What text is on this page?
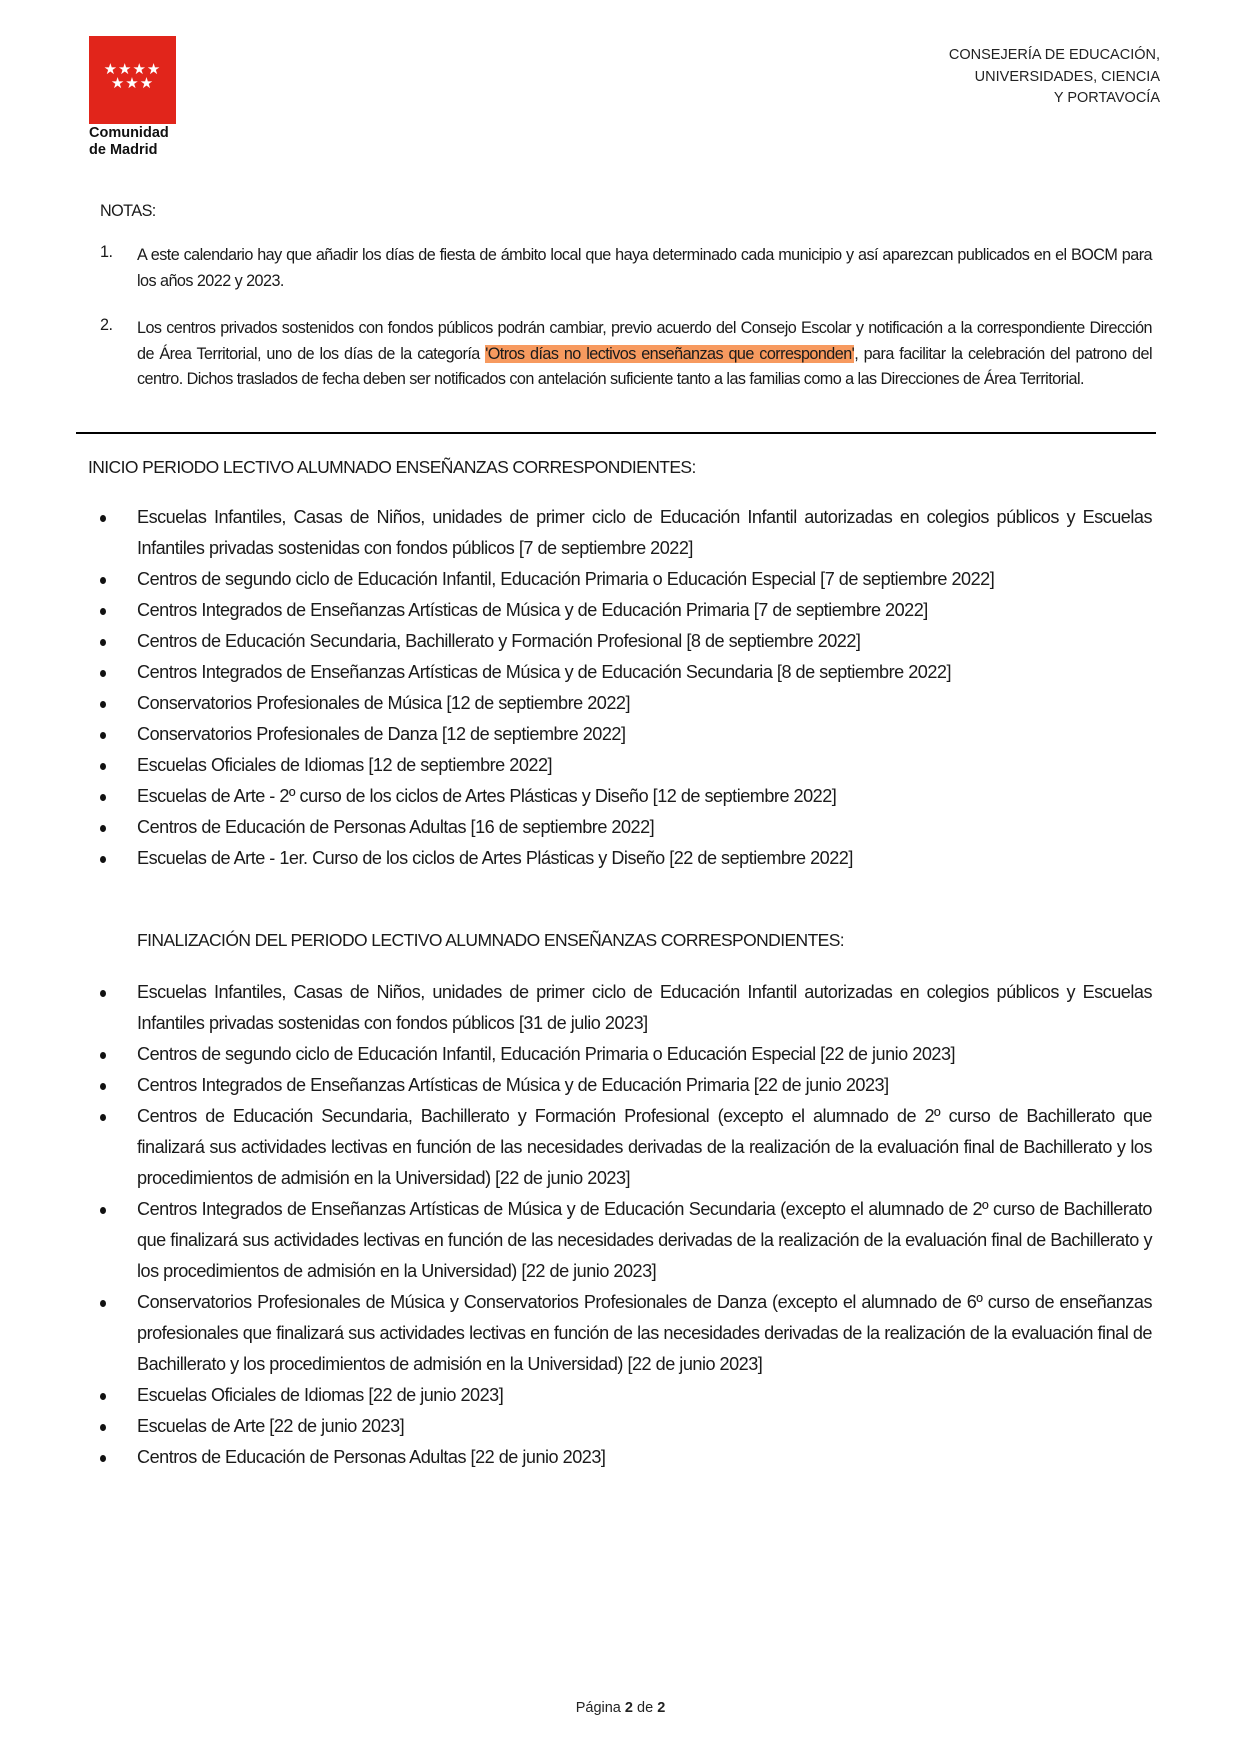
★★★★
★★★
Comunidad
de Madrid
CONSEJERÍA DE EDUCACIÓN,
UNIVERSIDADES, CIENCIA
Y PORTAVOCÍA
NOTAS:
1. A este calendario hay que añadir los días de fiesta de ámbito local que haya determinado cada municipio y así aparezcan publicados en el BOCM para los años 2022 y 2023.
2. Los centros privados sostenidos con fondos públicos podrán cambiar, previo acuerdo del Consejo Escolar y notificación a la correspondiente Dirección de Área Territorial, uno de los días de la categoría 'Otros días no lectivos enseñanzas que corresponden', para facilitar la celebración del patrono del centro. Dichos traslados de fecha deben ser notificados con antelación suficiente tanto a las familias como a las Direcciones de Área Territorial.
INICIO PERIODO LECTIVO ALUMNADO ENSEÑANZAS CORRESPONDIENTES:
Escuelas Infantiles, Casas de Niños, unidades de primer ciclo de Educación Infantil autorizadas en colegios públicos y Escuelas Infantiles privadas sostenidas con fondos públicos [7 de septiembre 2022]
Centros de segundo ciclo de Educación Infantil, Educación Primaria o Educación Especial [7 de septiembre 2022]
Centros Integrados de Enseñanzas Artísticas de Música y de Educación Primaria [7 de septiembre 2022]
Centros de Educación Secundaria, Bachillerato y Formación Profesional [8 de septiembre 2022]
Centros Integrados de Enseñanzas Artísticas de Música y de Educación Secundaria [8 de septiembre 2022]
Conservatorios Profesionales de Música [12 de septiembre 2022]
Conservatorios Profesionales de Danza [12 de septiembre 2022]
Escuelas Oficiales de Idiomas [12 de septiembre 2022]
Escuelas de Arte - 2º curso de los ciclos de Artes Plásticas y Diseño [12 de septiembre 2022]
Centros de Educación de Personas Adultas [16 de septiembre 2022]
Escuelas de Arte - 1er. Curso de los ciclos de Artes Plásticas y Diseño [22 de septiembre 2022]
FINALIZACIÓN DEL PERIODO LECTIVO ALUMNADO ENSEÑANZAS CORRESPONDIENTES:
Escuelas Infantiles, Casas de Niños, unidades de primer ciclo de Educación Infantil autorizadas en colegios públicos y Escuelas Infantiles privadas sostenidas con fondos públicos [31 de julio 2023]
Centros de segundo ciclo de Educación Infantil, Educación Primaria o Educación Especial [22 de junio 2023]
Centros Integrados de Enseñanzas Artísticas de Música y de Educación Primaria [22 de junio 2023]
Centros de Educación Secundaria, Bachillerato y Formación Profesional (excepto el alumnado de 2º curso de Bachillerato que finalizará sus actividades lectivas en función de las necesidades derivadas de la realización de la evaluación final de Bachillerato y los procedimientos de admisión en la Universidad) [22 de junio 2023]
Centros Integrados de Enseñanzas Artísticas de Música y de Educación Secundaria (excepto el alumnado de 2º curso de Bachillerato que finalizará sus actividades lectivas en función de las necesidades derivadas de la realización de la evaluación final de Bachillerato y los procedimientos de admisión en la Universidad) [22 de junio 2023]
Conservatorios Profesionales de Música y Conservatorios Profesionales de Danza (excepto el alumnado de 6º curso de enseñanzas profesionales que finalizará sus actividades lectivas en función de las necesidades derivadas de la realización de la evaluación final de Bachillerato y los procedimientos de admisión en la Universidad) [22 de junio 2023]
Escuelas Oficiales de Idiomas [22 de junio 2023]
Escuelas de Arte [22 de junio 2023]
Centros de Educación de Personas Adultas [22 de junio 2023]
Página 2 de 2
